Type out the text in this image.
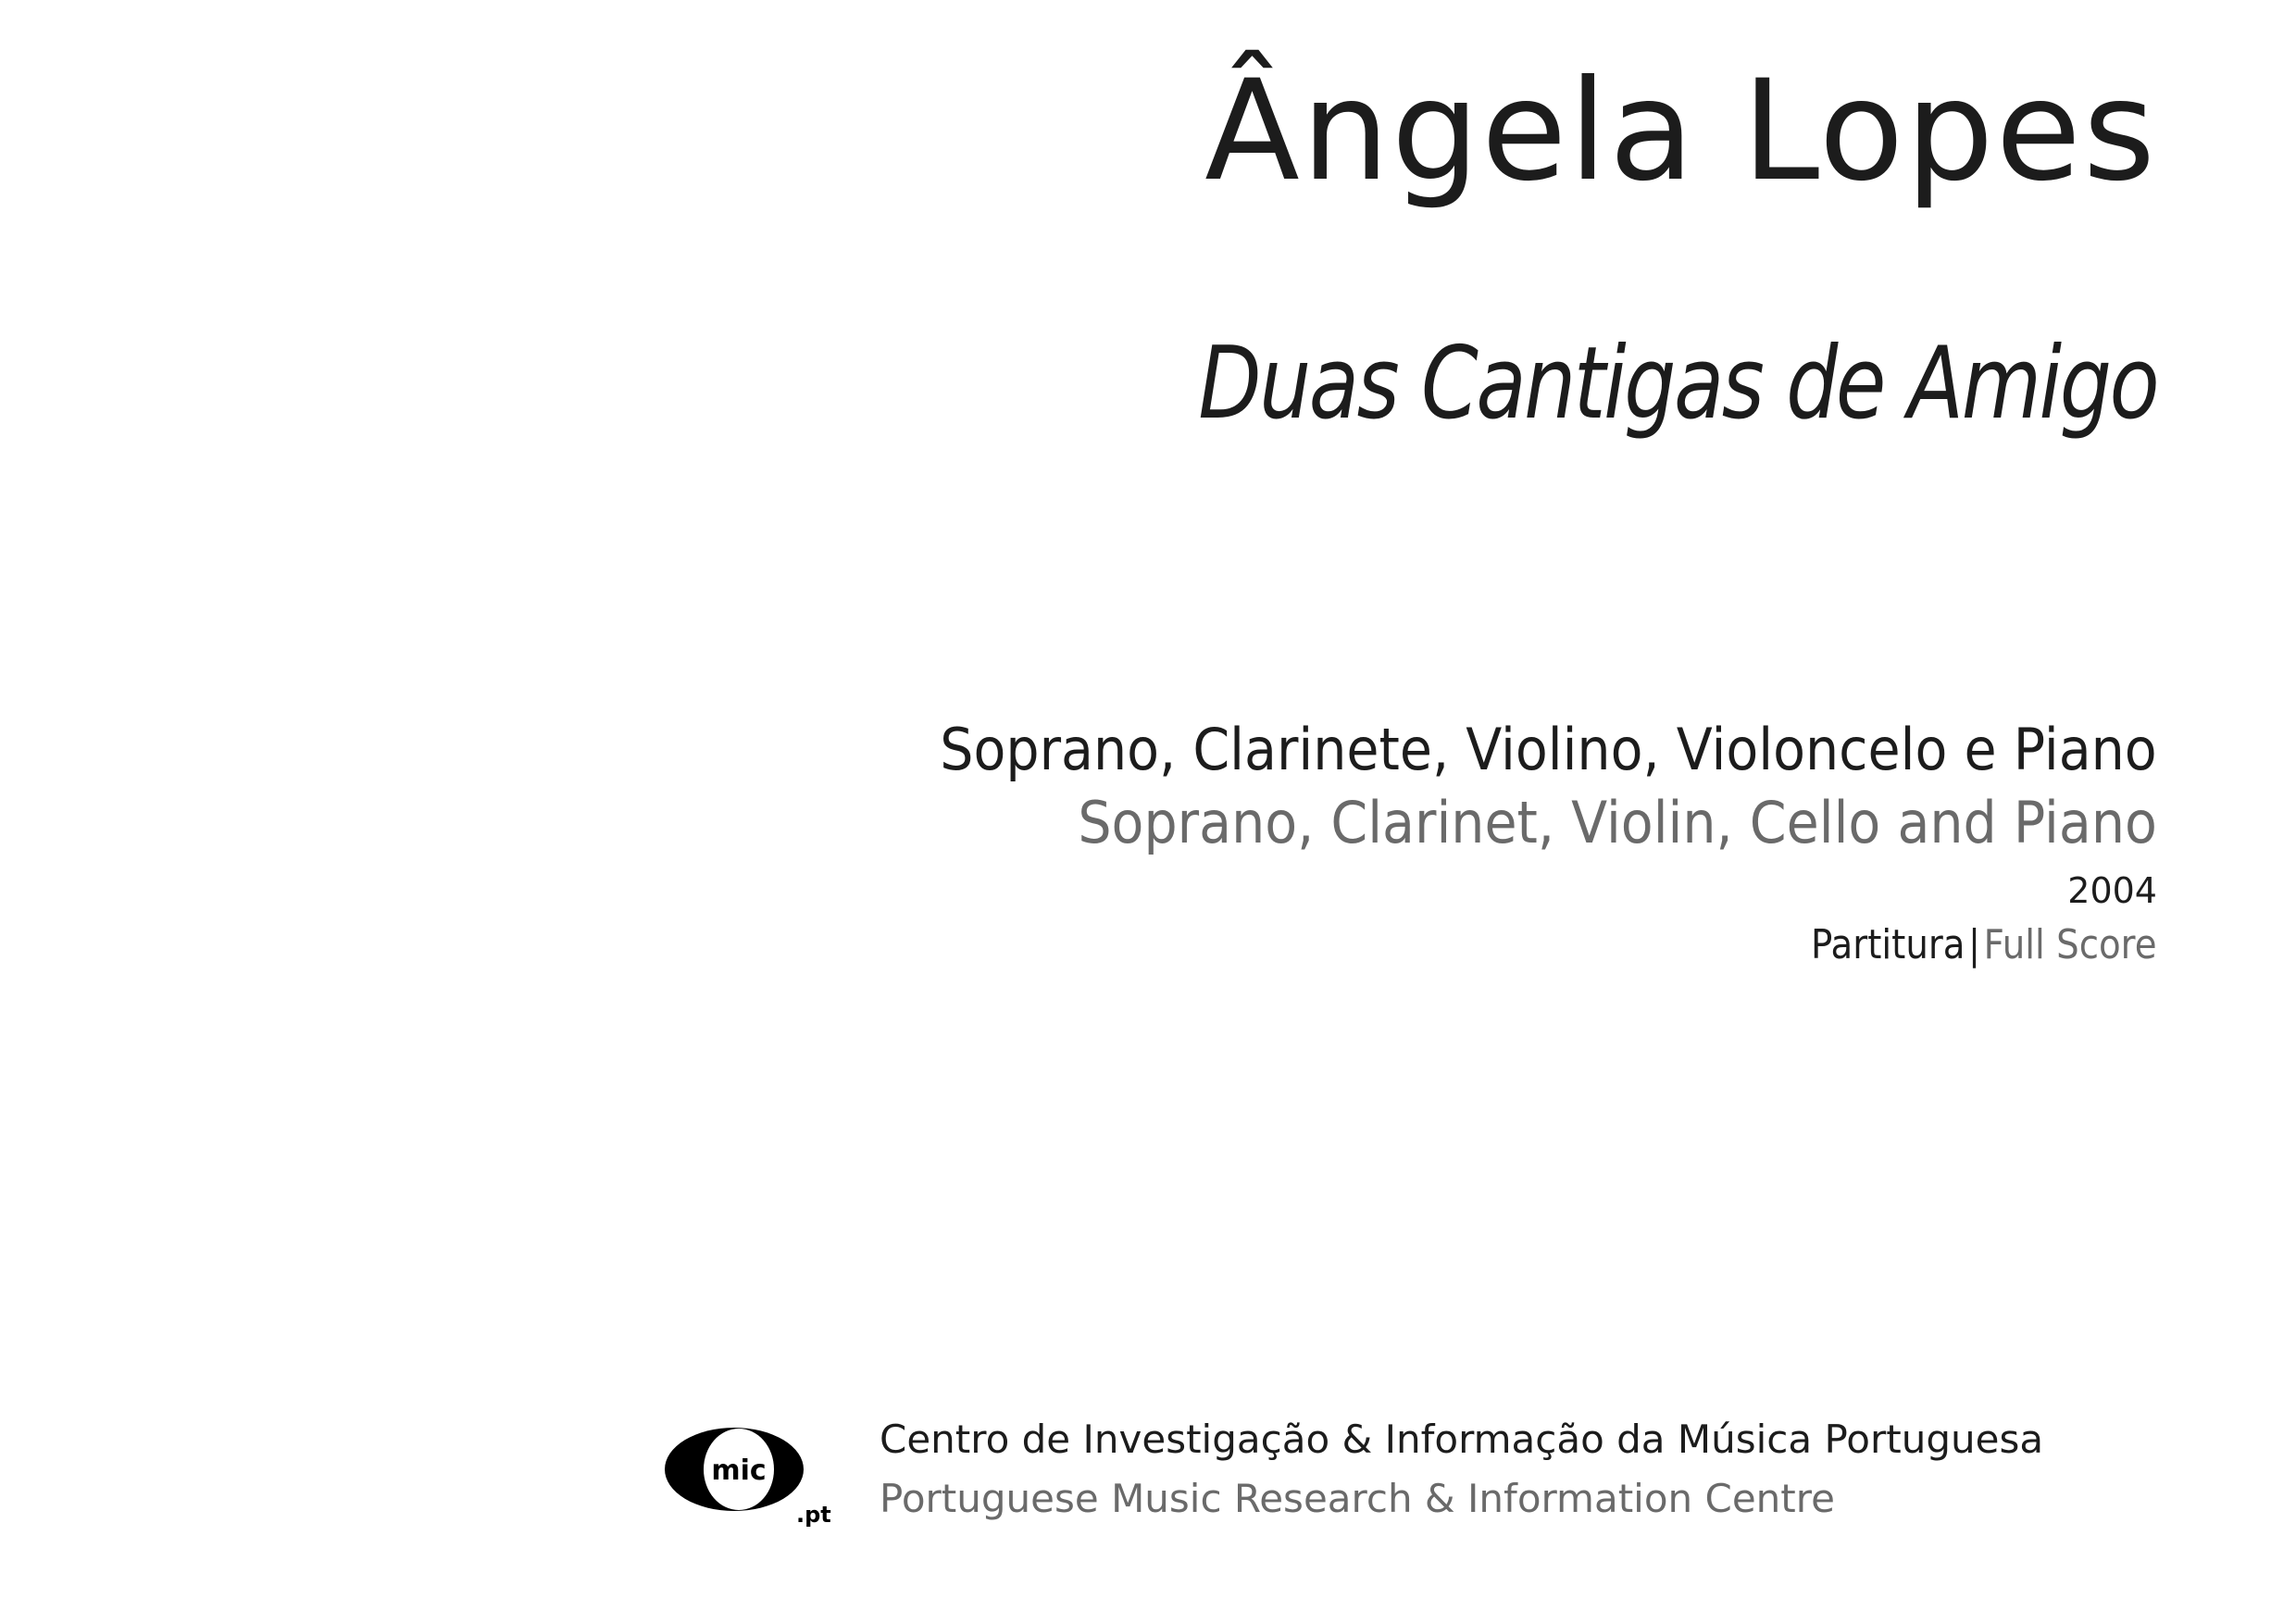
Ângela Lopes
Duas Cantigas de Amigo
Soprano, Clarinete, Violino, Violoncelo e Piano
Soprano, Clarinet, Violin, Cello and Piano
2004
Partitura|Full Score
mic
.pt
Centro de Investigação & Informação da Música Portuguesa
Portuguese Music Research & Information Centre
